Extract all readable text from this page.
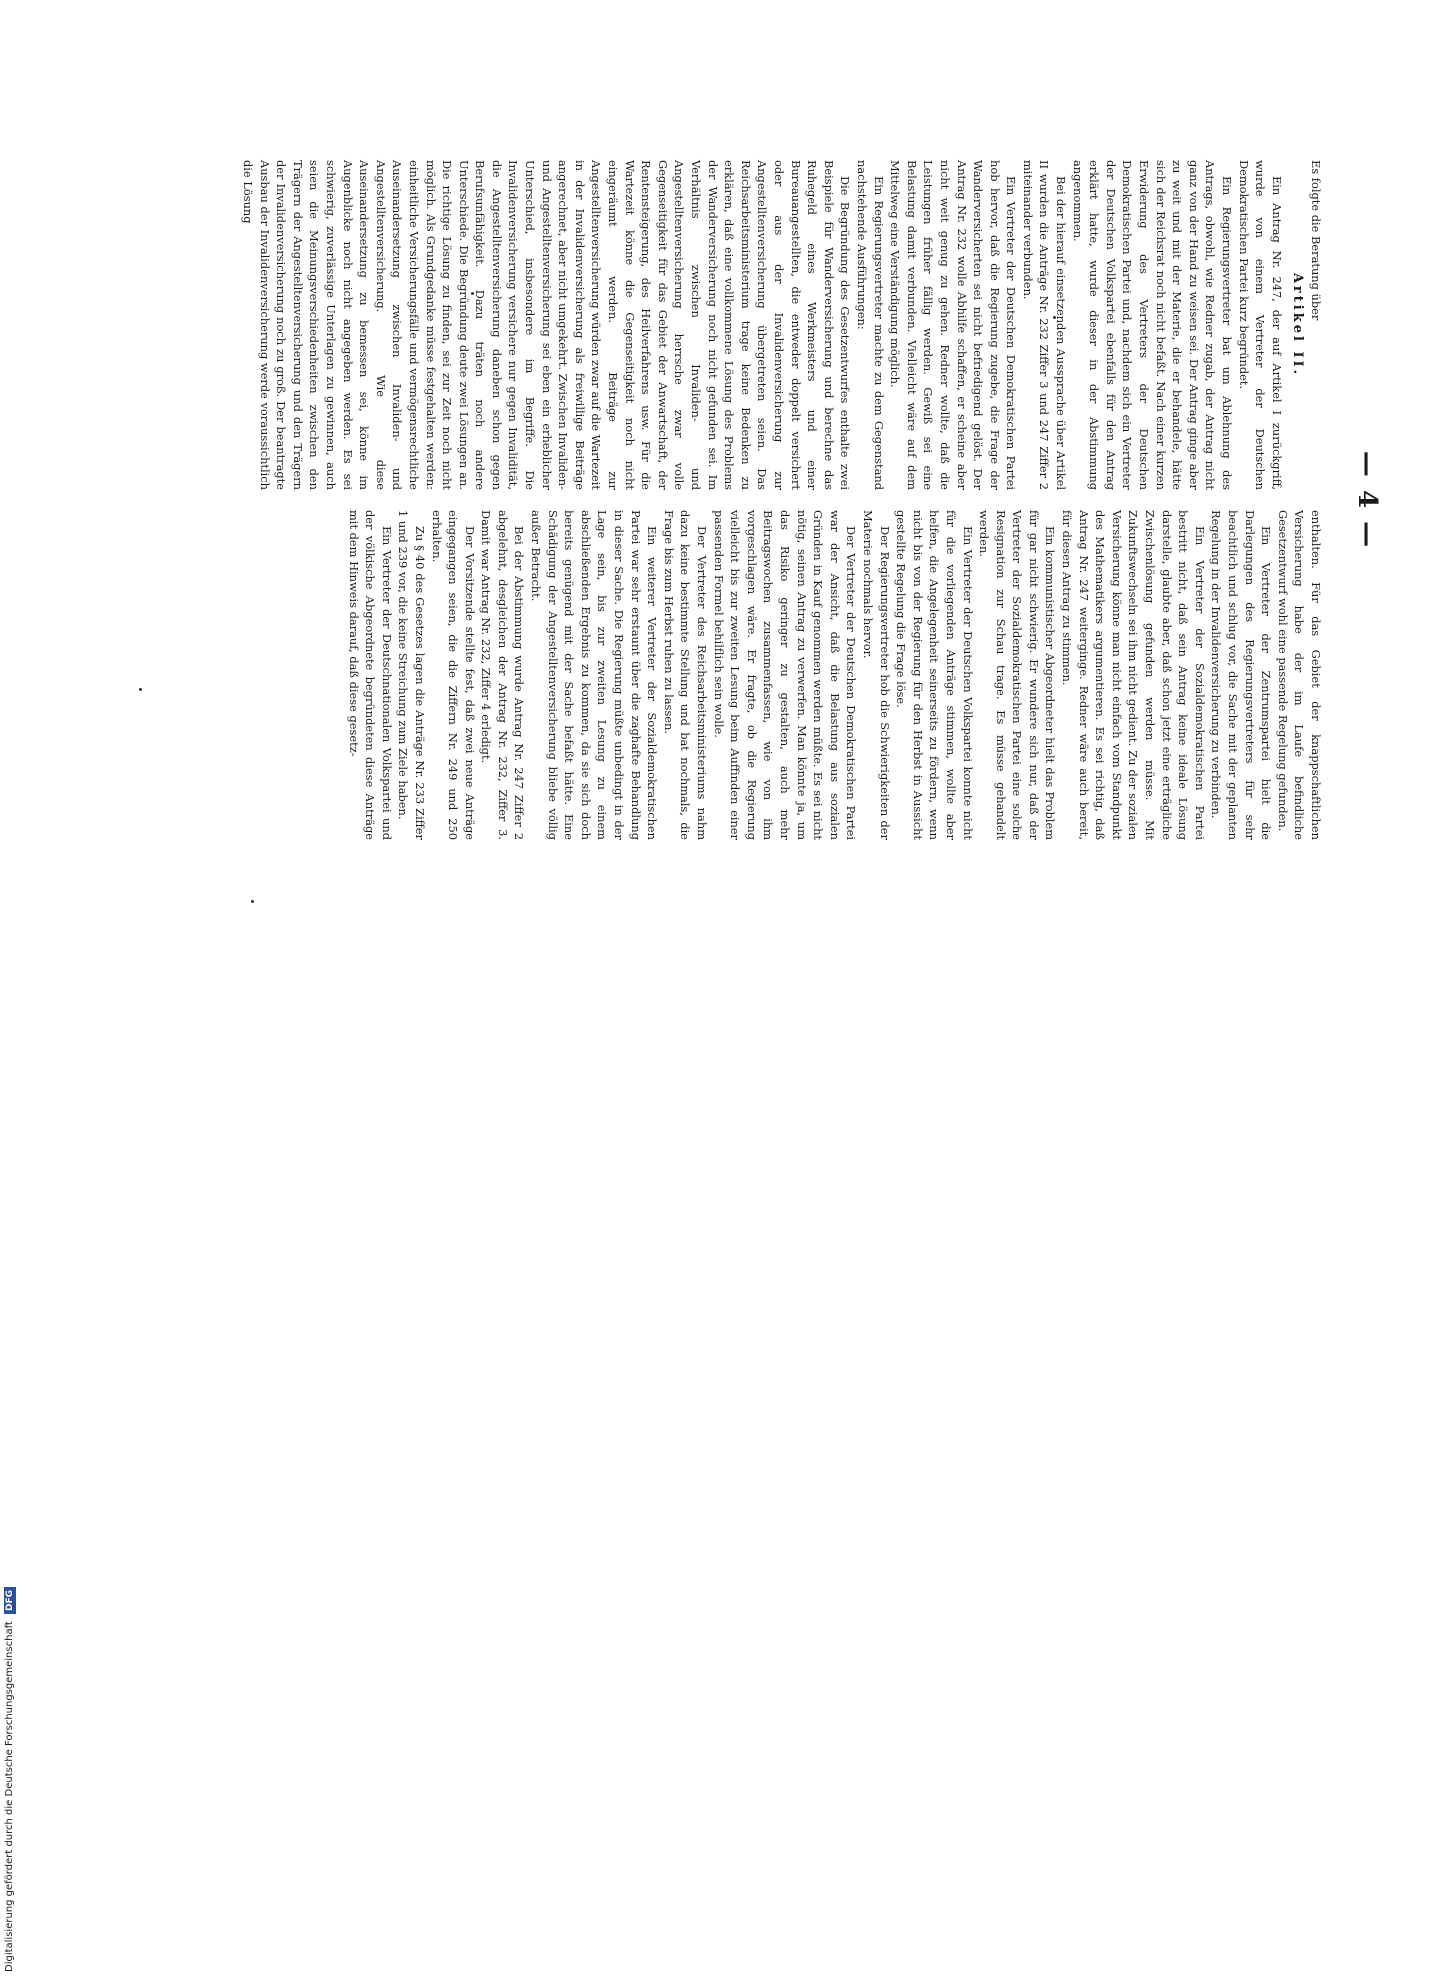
— 4 —

Es folgte die Beratung über

Artikel II.

Ein Antrag Nr. 247, der auf Artikel I zurückgriff, wurde von einem Vertreter der Deutschen Demokratischen Partei kurz begründet.

Ein Regierungsvertreter bat um Ablehnung des Antrags, obwohl, wie Redner zugab, der Antrag nicht ganz von der Hand zu weisen sei. Der Antrag ginge aber zu weit und mit der Materie, die er behandele, hätte sich der Reichsrat noch nicht befaßt. Nach einer kurzen Erwiderung des Vertreters der Deutschen Demokratischen Partei und, nachdem sich ein Vertreter der Deutschen Volkspartei ebenfalls für den Antrag erklärt hatte, wurde dieser in der Abstimmung angenommen.

Bei der hierauf einsetzenden Aussprache über Artikel II wurden die Anträge Nr. 232 Ziffer 3 und 247 Ziffer 2 miteinander verbunden.

Ein Vertreter der Deutschen Demokratischen Partei hob hervor, daß die Regierung zugebe, die Frage der Wanderversicherten sei nicht befriedigend gelöst. Der Antrag Nr. 232 wolle Abhilfe schaffen, er scheine aber nicht weit genug zu gehen. Redner wollte, daß die Leistungen früher fällig werden. Gewiß sei eine Belastung damit verbunden. Vielleicht wäre auf dem Mittelweg eine Verständigung möglich.

Ein Regierungsvertreter machte zu dem Gegenstand nachstehende Ausführungen:

Die Begründung des Gesetzentwurfes enthalte zwei Beispiele für Wanderversicherung und berechne das Ruhegeld eines Werkmeisters und einer Bureauangestellten, die entweder doppelt versichert oder aus der Invalidenversicherung zur Angestelltenversicherung übergetreten seien. Das Reichsarbeitsministerium trage keine Bedenken zu erklären, daß eine vollkommene Lösung des Problems der Wanderversicherung noch nicht gefunden sei. Im Verhältnis zwischen Invaliden- und Angestelltenversicherung herrsche zwar volle Gegenseitigkeit für das Gebiet der Anwartschaft, der Rentensteigerung, des Heilverfahrens usw. Für die Wartezeit könne die Gegenseitigkeit noch nicht eingeräumt werden. Beiträge zur Angestelltenversicherung würden zwar auf die Wartezeit in der Invalidenversicherung als freiwillige Beiträge angerechnet, aber nicht umgekehrt. Zwischen Invaliden- und Angestelltenversicherung sei eben ein erheblicher Unterschied, insbesondere im Begriffe. Die Invalidenversicherung versichere nur gegen Invalidität, die Angestelltenversicherung daneben schon gegen Berufsunfähigkeit. Dazu träten noch andere Unterschiede. Die Begründung deute zwei Lösungen an. Die richtige Lösung zu finden, sei zur Zeit noch nicht möglich. Als Grundgedanke müsse festgehalten werden: einheitliche Versicherungsfälle und vermögensrechtliche Auseinandersetzung zwischen Invaliden- und Angestelltenversicherung. Wie diese Auseinandersetzung zu bemessen sei, könne im Augenblicke noch nicht angegeben werden. Es sei schwierig, zuverlässige Unterlagen zu gewinnen, auch seien die Meinungsverschiedenheiten zwischen den Trägern der Angestelltenversicherung und den Trägern der Invalidenversicherung noch zu groß. Der beantragte Ausbau der Invalidenversicherung werde voraussichtlich die Lösung

enthalten. Für das Gebiet der knappschaftlichen Versicherung habe der im Laufe befindliche Gesetzentwurf wohl eine passende Regelung gefunden.

Ein Vertreter der Zentrumspartei hielt die Darlegungen des Regierungsvertreters für sehr beachtlich und schlug vor, die Sache mit der geplanten Regelung in der Invalidenversicherung zu verbinden.

Ein Vertreter der Sozialdemokratischen Partei bestritt nicht, daß sein Antrag keine ideale Lösung darstelle, glaubte aber, daß schon jetzt eine erträgliche Zwischenlösung gefunden werden müsse. Mit Zukunftswechseln sei ihm nicht gedient. Zu der sozialen Versicherung könne man nicht einfach vom Standpunkt des Mathematikers argumentieren. Es sei richtig, daß Antrag Nr. 247 weiterginge. Redner wäre auch bereit, für diesen Antrag zu stimmen.

Ein kommunistischer Abgeordneter hielt das Problem für gar nicht schwierig. Er wundere sich nur, daß der Vertreter der Sozialdemokratischen Partei eine solche Resignation zur Schau trage. Es müsse gehandelt werden.

Ein Vertreter der Deutschen Volkspartei konnte nicht für die vorliegenden Anträge stimmen, wollte aber helfen, die Angelegenheit seinerseits zu fördern, wenn nicht bis von der Regierung für den Herbst in Aussicht gestellte Regelung die Frage löse.

Der Regierungsvertreter hob die Schwierigkeiten der Materie nochmals hervor.

Der Vertreter der Deutschen Demokratischen Partei war der Ansicht, daß die Belastung aus sozialen Gründen in Kauf genommen werden müßte. Es sei nicht nötig, seinen Antrag zu verwerfen. Man könnte ja, um das Risiko geringer zu gestalten, auch mehr Beitragswochen zusammenfassen, wie von ihm vorgeschlagen wäre. Er fragte, ob die Regierung vielleicht bis zur zweiten Lesung beim Auffinden einer passenden Formel behilflich sein wolle.

Der Vertreter des Reichsarbeitsministeriums nahm dazu keine bestimmte Stellung und bat nochmals, die Frage bis zum Herbst ruhen zu lassen.

Ein weiterer Vertreter der Sozialdemokratischen Partei war sehr erstaunt über die zaghafte Behandlung in dieser Sache. Die Regierung müßte unbedingt in der Lage sein, bis zur zweiten Lesung zu einem abschließenden Ergebnis zu kommen, da sie sich doch bereits genügend mit der Sache befaßt hätte. Eine Schädigung der Angestelltenversicherung bliebe völlig außer Betracht.

Bei der Abstimmung wurde Antrag Nr. 247 Ziffer 2 abgelehnt, desgleichen der Antrag Nr. 232, Ziffer 3. Damit war Antrag Nr. 232, Ziffer 4 erledigt.

Der Vorsitzende stellte fest, daß zwei neue Anträge eingegangen seien, die die Ziffern Nr. 249 und 250 erhalten.

Zu § 40 des Gesetzes lagen die Anträge Nr. 233 Ziffer 1 und 239 vor, die keine Streichung zum Ziele haben.

Ein Vertreter der Deutschnationalen Volkspartei und der völkische Abgeordnete begründeten diese Anträge mit dem Hinweis darauf, daß diese gesetz-

Digitalisierung gefördert durch die Deutsche Forschungsgemeinschaft DFG
